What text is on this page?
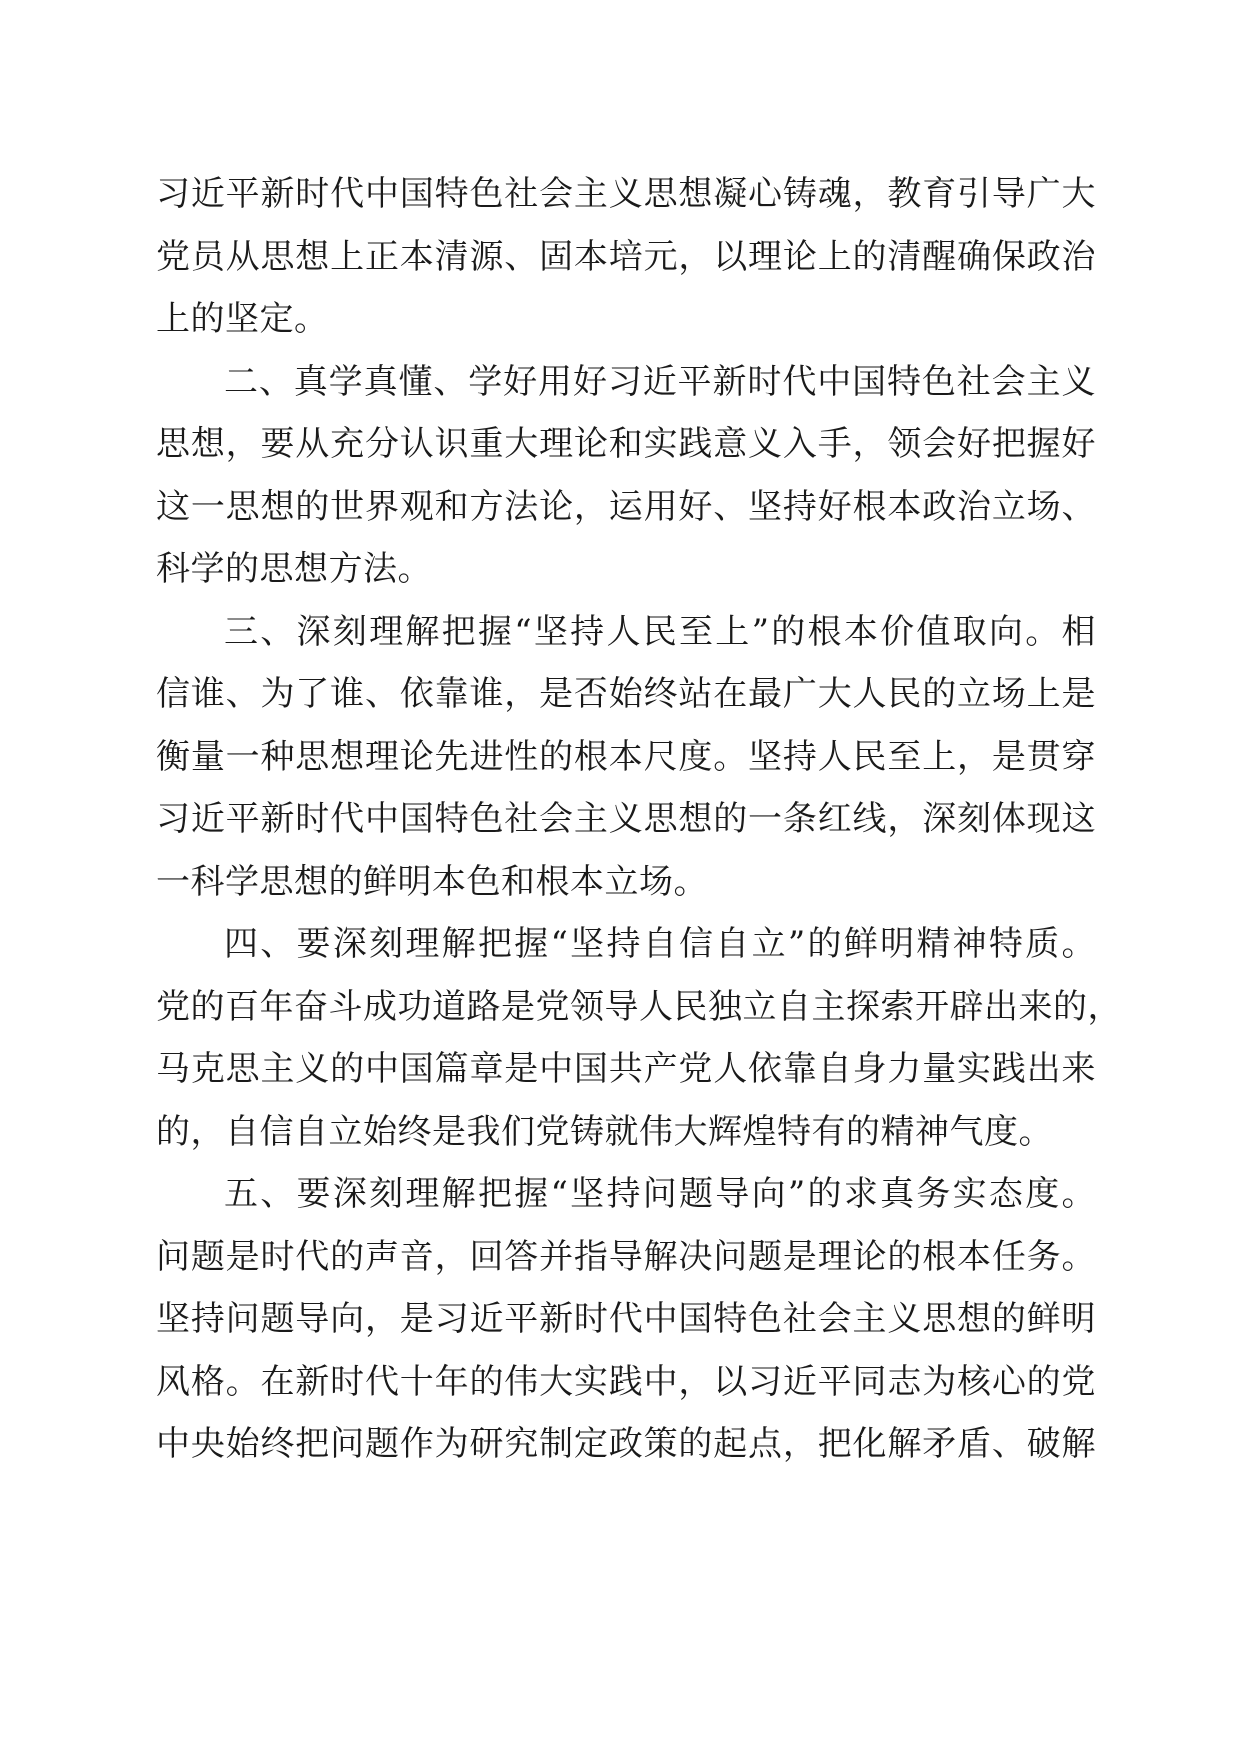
习近平新时代中国特色社会主义思想凝心铸魂，教育引导广大
党员从思想上正本清源、固本培元，以理论上的清醒确保政治
上的坚定。
二、真学真懂、学好用好习近平新时代中国特色社会主义
思想，要从充分认识重大理论和实践意义入手，领会好把握好
这一思想的世界观和方法论，运用好、坚持好根本政治立场、
科学的思想方法。
三、深刻理解把握“坚持人民至上”的根本价值取向。相
信谁、为了谁、依靠谁，是否始终站在最广大人民的立场上是
衡量一种思想理论先进性的根本尺度。坚持人民至上，是贯穿
习近平新时代中国特色社会主义思想的一条红线，深刻体现这
一科学思想的鲜明本色和根本立场。
四、要深刻理解把握“坚持自信自立”的鲜明精神特质。
党的百年奋斗成功道路是党领导人民独立自主探索开辟出来的，
马克思主义的中国篇章是中国共产党人依靠自身力量实践出来
的，自信自立始终是我们党铸就伟大辉煌特有的精神气度。
五、要深刻理解把握“坚持问题导向”的求真务实态度。
问题是时代的声音，回答并指导解决问题是理论的根本任务。
坚持问题导向，是习近平新时代中国特色社会主义思想的鲜明
风格。在新时代十年的伟大实践中，以习近平同志为核心的党
中央始终把问题作为研究制定政策的起点，把化解矛盾、破解
